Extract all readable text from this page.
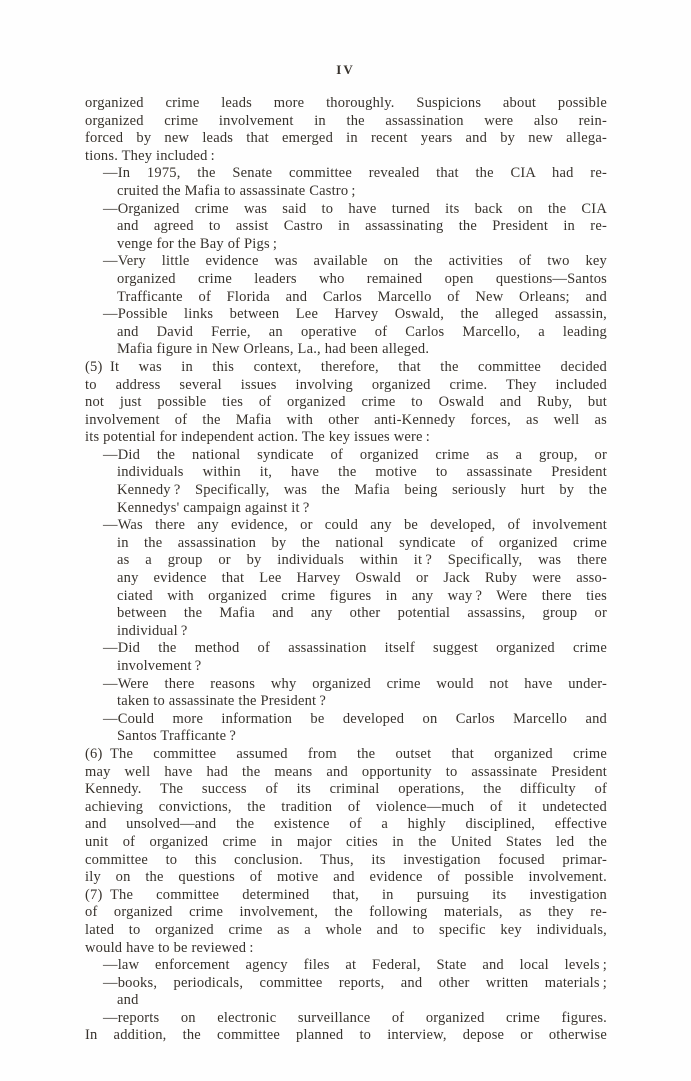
IV
organized crime leads more thoroughly. Suspicions about possible
organized crime involvement in the assassination were also rein-
forced by new leads that emerged in recent years and by new allega-
tions. They included :
—In 1975, the Senate committee revealed that the CIA had re-
cruited the Mafia to assassinate Castro ;
—Organized crime was said to have turned its back on the CIA
and agreed to assist Castro in assassinating the President in re-
venge for the Bay of Pigs ;
—Very little evidence was available on the activities of two key
organized crime leaders who remained open questions—Santos
Trafficante of Florida and Carlos Marcello of New Orleans; and
—Possible links between Lee Harvey Oswald, the alleged assassin,
and David Ferrie, an operative of Carlos Marcello, a leading
Mafia figure in New Orleans, La., had been alleged.
(5) It was in this context, therefore, that the committee decided
to address several issues involving organized crime. They included
not just possible ties of organized crime to Oswald and Ruby, but
involvement of the Mafia with other anti-Kennedy forces, as well as
its potential for independent action. The key issues were :
—Did the national syndicate of organized crime as a group, or
individuals within it, have the motive to assassinate President
Kennedy ? Specifically, was the Mafia being seriously hurt by the
Kennedys' campaign against it ?
—Was there any evidence, or could any be developed, of involvement
in the assassination by the national syndicate of organized crime
as a group or by individuals within it ? Specifically, was there
any evidence that Lee Harvey Oswald or Jack Ruby were asso-
ciated with organized crime figures in any way ? Were there ties
between the Mafia and any other potential assassins, group or
individual ?
—Did the method of assassination itself suggest organized crime
involvement ?
—Were there reasons why organized crime would not have under-
taken to assassinate the President ?
—Could more information be developed on Carlos Marcello and
Santos Trafficante ?
(6) The committee assumed from the outset that organized crime
may well have had the means and opportunity to assassinate President
Kennedy. The success of its criminal operations, the difficulty of
achieving convictions, the tradition of violence—much of it undetected
and unsolved—and the existence of a highly disciplined, effective
unit of organized crime in major cities in the United States led the
committee to this conclusion. Thus, its investigation focused primar-
ily on the questions of motive and evidence of possible involvement.
(7) The committee determined that, in pursuing its investigation
of organized crime involvement, the following materials, as they re-
lated to organized crime as a whole and to specific key individuals,
would have to be reviewed :
—law enforcement agency files at Federal, State and local levels ;
—books, periodicals, committee reports, and other written materials ;
and
—reports on electronic surveillance of organized crime figures.
In addition, the committee planned to interview, depose or otherwise
